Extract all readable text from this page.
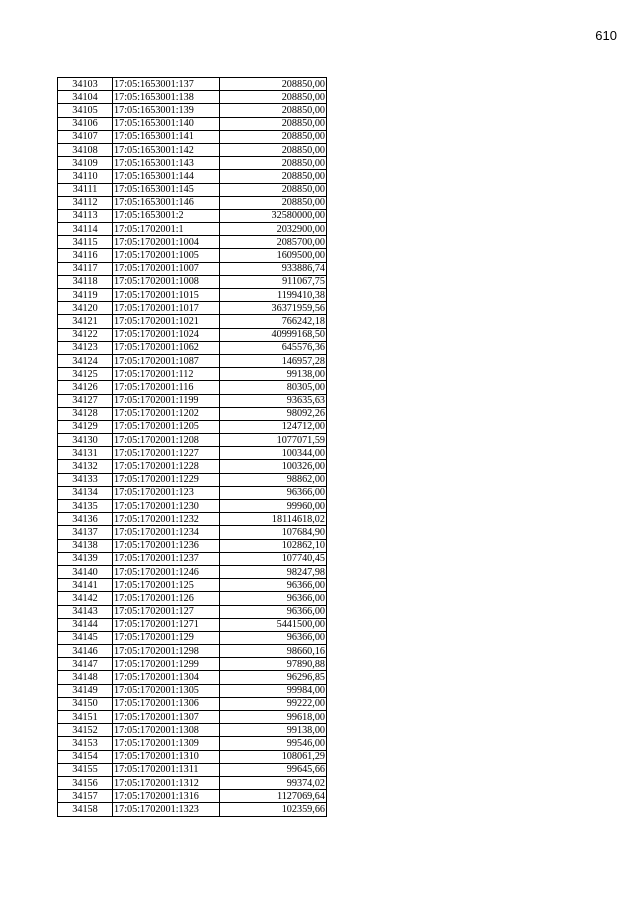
610
34103	17:05:1653001:137	208850,00
34104	17:05:1653001:138	208850,00
34105	17:05:1653001:139	208850,00
34106	17:05:1653001:140	208850,00
34107	17:05:1653001:141	208850,00
34108	17:05:1653001:142	208850,00
34109	17:05:1653001:143	208850,00
34110	17:05:1653001:144	208850,00
34111	17:05:1653001:145	208850,00
34112	17:05:1653001:146	208850,00
34113	17:05:1653001:2	32580000,00
34114	17:05:1702001:1	2032900,00
34115	17:05:1702001:1004	2085700,00
34116	17:05:1702001:1005	1609500,00
34117	17:05:1702001:1007	933886,74
34118	17:05:1702001:1008	911067,75
34119	17:05:1702001:1015	1199410,38
34120	17:05:1702001:1017	36371959,56
34121	17:05:1702001:1021	766242,18
34122	17:05:1702001:1024	40999168,50
34123	17:05:1702001:1062	645576,36
34124	17:05:1702001:1087	146957,28
34125	17:05:1702001:112	99138,00
34126	17:05:1702001:116	80305,00
34127	17:05:1702001:1199	93635,63
34128	17:05:1702001:1202	98092,26
34129	17:05:1702001:1205	124712,00
34130	17:05:1702001:1208	1077071,59
34131	17:05:1702001:1227	100344,00
34132	17:05:1702001:1228	100326,00
34133	17:05:1702001:1229	98862,00
34134	17:05:1702001:123	96366,00
34135	17:05:1702001:1230	99960,00
34136	17:05:1702001:1232	18114618,02
34137	17:05:1702001:1234	107684,90
34138	17:05:1702001:1236	102862,10
34139	17:05:1702001:1237	107740,45
34140	17:05:1702001:1246	98247,98
34141	17:05:1702001:125	96366,00
34142	17:05:1702001:126	96366,00
34143	17:05:1702001:127	96366,00
34144	17:05:1702001:1271	5441500,00
34145	17:05:1702001:129	96366,00
34146	17:05:1702001:1298	98660,16
34147	17:05:1702001:1299	97890,88
34148	17:05:1702001:1304	96296,85
34149	17:05:1702001:1305	99984,00
34150	17:05:1702001:1306	99222,00
34151	17:05:1702001:1307	99618,00
34152	17:05:1702001:1308	99138,00
34153	17:05:1702001:1309	99546,00
34154	17:05:1702001:1310	108061,29
34155	17:05:1702001:1311	99645,66
34156	17:05:1702001:1312	99374,02
34157	17:05:1702001:1316	1127069,64
34158	17:05:1702001:1323	102359,66
